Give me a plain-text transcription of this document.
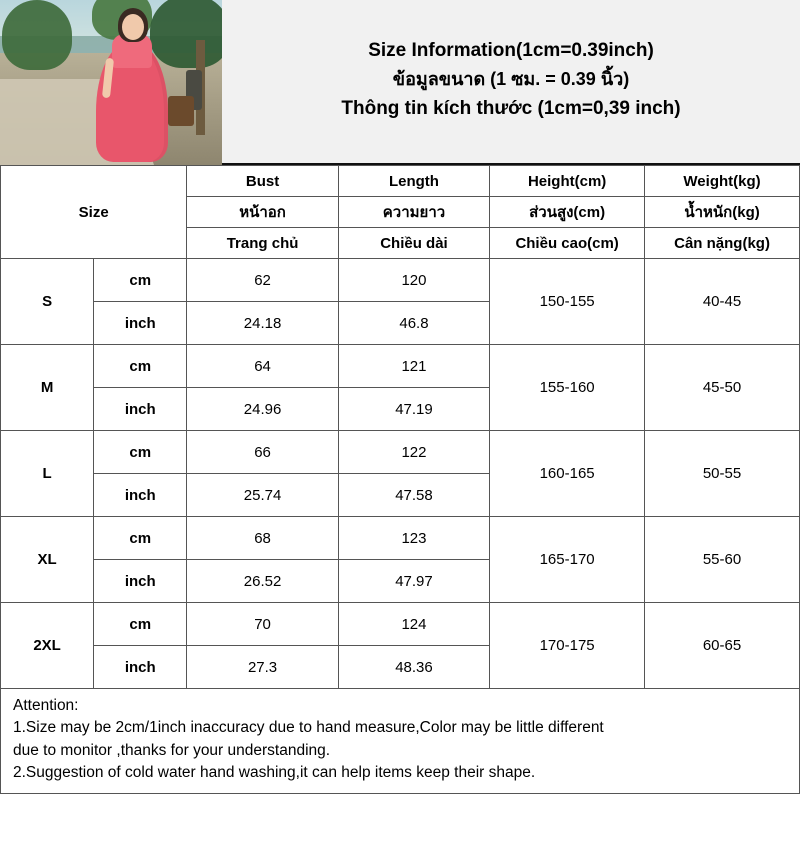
Size Information(1cm=0.39inch)
ข้อมูลขนาด (1 ซม. = 0.39 นิ้ว)
Thông tin kích thước (1cm=0,39 inch)
Size		Bust	Length	Height(cm)	Weight(kg)
		หน้าอก	ความยาว	ส่วนสูง(cm)	น้ำหนัก(kg)
		Trang chủ	Chiều dài	Chiều cao(cm)	Cân nặng(kg)
S	cm	62	120	150-155	40-45
	inch	24.18	46.8		
M	cm	64	121	155-160	45-50
	inch	24.96	47.19		
L	cm	66	122	160-165	50-55
	inch	25.74	47.58		
XL	cm	68	123	165-170	55-60
	inch	26.52	47.97		
2XL	cm	70	124	170-175	60-65
	inch	27.3	48.36		
Attention:
1.Size may be 2cm/1inch inaccuracy due to hand measure,Color may be little different
due to monitor ,thanks for your understanding.
2.Suggestion of cold water hand washing,it can help items keep their shape.
